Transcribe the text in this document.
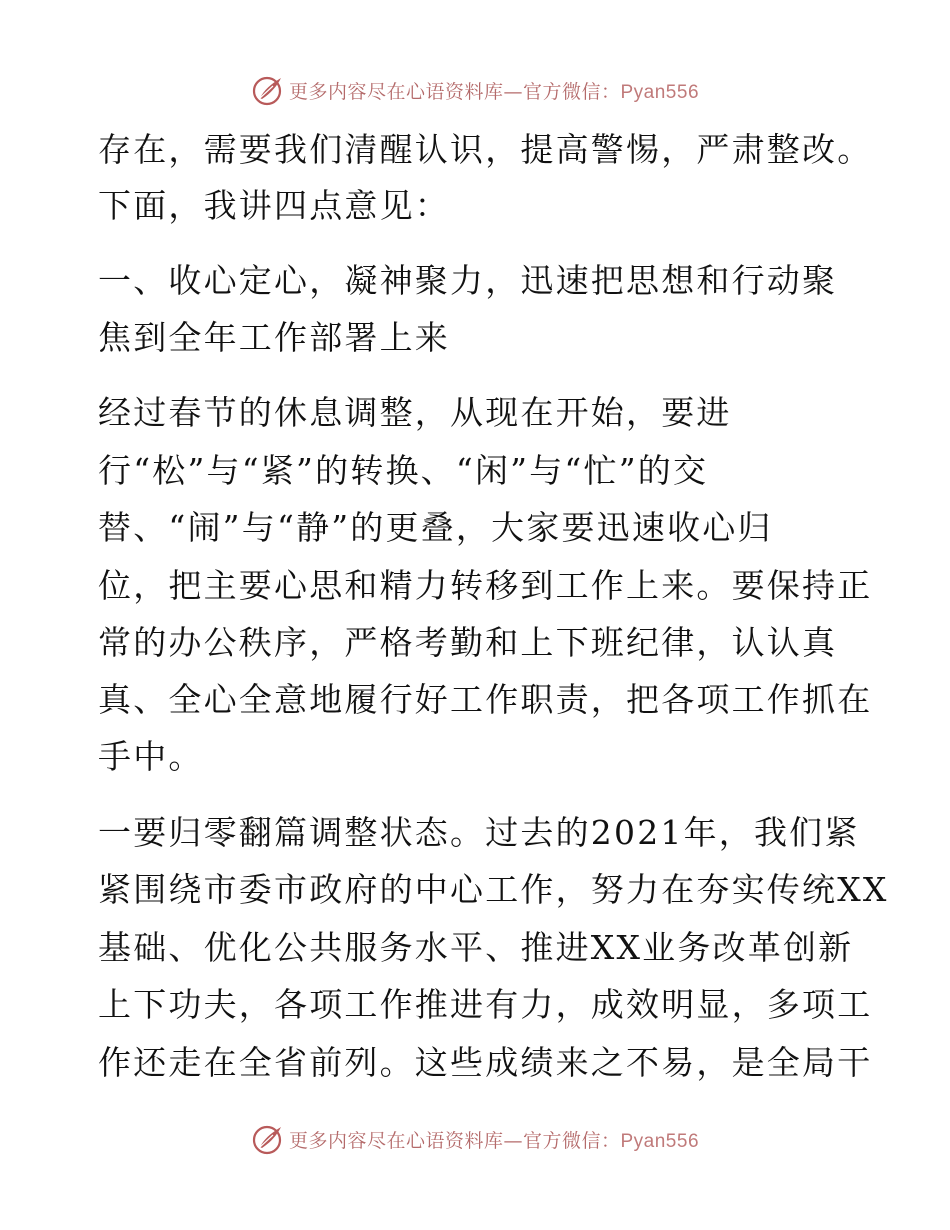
更多内容尽在心语资料库—官方微信：Pyan556
存在，需要我们清醒认识，提高警惕，严肃整改。
下面，我讲四点意见：
一、收心定心，凝神聚力，迅速把思想和行动聚
焦到全年工作部署上来
经过春节的休息调整，从现在开始，要进
行“松”与“紧”的转换、“闲”与“忙”的交
替、“闹”与“静”的更叠，大家要迅速收心归
位，把主要心思和精力转移到工作上来。要保持正
常的办公秩序，严格考勤和上下班纪律，认认真
真、全心全意地履行好工作职责，把各项工作抓在
手中。
一要归零翻篇调整状态。过去的2021年，我们紧
紧围绕市委市政府的中心工作，努力在夯实传统XX
基础、优化公共服务水平、推进XX业务改革创新
上下功夫，各项工作推进有力，成效明显，多项工
作还走在全省前列。这些成绩来之不易，是全局干
更多内容尽在心语资料库—官方微信：Pyan556
